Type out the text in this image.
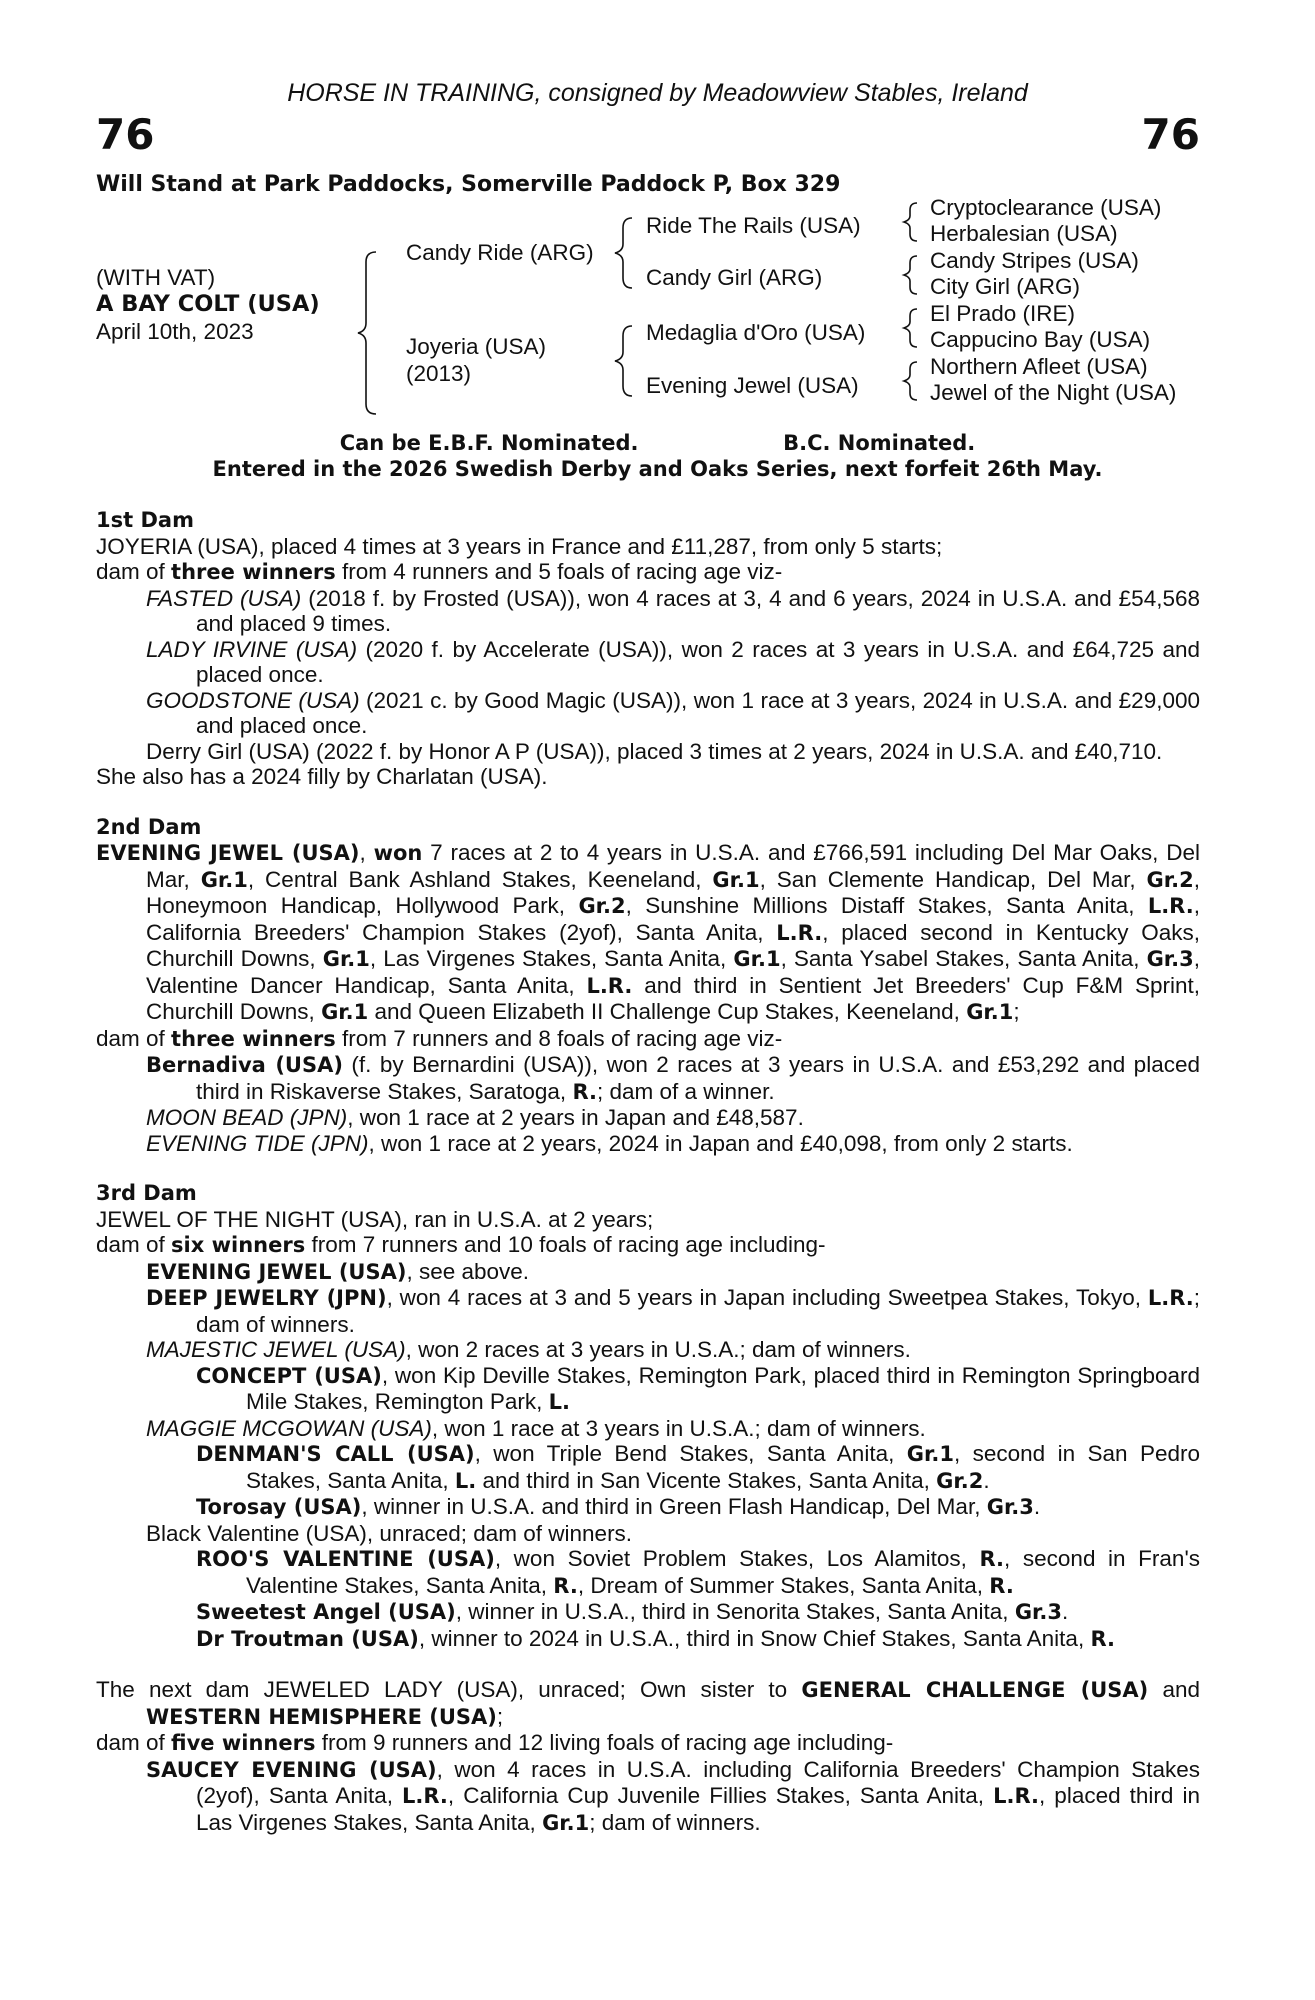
HORSE IN TRAINING, consigned by Meadowview Stables, Ireland
76	76
Will Stand at Park Paddocks, Somerville Paddock P, Box 329
(WITH VAT)
A BAY COLT (USA)
April 10th, 2023
Candy Ride (ARG)
Joyeria (USA)
(2013)
Ride The Rails (USA)
Candy Girl (ARG)
Medaglia d'Oro (USA)
Evening Jewel (USA)
Cryptoclearance (USA)
Herbalesian (USA)
Candy Stripes (USA)
City Girl (ARG)
El Prado (IRE)
Cappucino Bay (USA)
Northern Afleet (USA)
Jewel of the Night (USA)
Can be E.B.F. Nominated.	B.C. Nominated.
Entered in the 2026 Swedish Derby and Oaks Series, next forfeit 26th May.
1st Dam
JOYERIA (USA), placed 4 times at 3 years in France and £11,287, from only 5 starts;
dam of three winners from 4 runners and 5 foals of racing age viz-
FASTED (USA) (2018 f. by Frosted (USA)), won 4 races at 3, 4 and 6 years, 2024 in U.S.A. and £54,568 and placed 9 times.
LADY IRVINE (USA) (2020 f. by Accelerate (USA)), won 2 races at 3 years in U.S.A. and £64,725 and placed once.
GOODSTONE (USA) (2021 c. by Good Magic (USA)), won 1 race at 3 years, 2024 in U.S.A. and £29,000 and placed once.
Derry Girl (USA) (2022 f. by Honor A P (USA)), placed 3 times at 2 years, 2024 in U.S.A. and £40,710.
She also has a 2024 filly by Charlatan (USA).
2nd Dam
EVENING JEWEL (USA), won 7 races at 2 to 4 years in U.S.A. and £766,591 including Del Mar Oaks, Del Mar, Gr.1, Central Bank Ashland Stakes, Keeneland, Gr.1, San Clemente Handicap, Del Mar, Gr.2, Honeymoon Handicap, Hollywood Park, Gr.2, Sunshine Millions Distaff Stakes, Santa Anita, L.R., California Breeders' Champion Stakes (2yof), Santa Anita, L.R., placed second in Kentucky Oaks, Churchill Downs, Gr.1, Las Virgenes Stakes, Santa Anita, Gr.1, Santa Ysabel Stakes, Santa Anita, Gr.3, Valentine Dancer Handicap, Santa Anita, L.R. and third in Sentient Jet Breeders' Cup F&M Sprint, Churchill Downs, Gr.1 and Queen Elizabeth II Challenge Cup Stakes, Keeneland, Gr.1;
dam of three winners from 7 runners and 8 foals of racing age viz-
Bernadiva (USA) (f. by Bernardini (USA)), won 2 races at 3 years in U.S.A. and £53,292 and placed third in Riskaverse Stakes, Saratoga, R.; dam of a winner.
MOON BEAD (JPN), won 1 race at 2 years in Japan and £48,587.
EVENING TIDE (JPN), won 1 race at 2 years, 2024 in Japan and £40,098, from only 2 starts.
3rd Dam
JEWEL OF THE NIGHT (USA), ran in U.S.A. at 2 years;
dam of six winners from 7 runners and 10 foals of racing age including-
EVENING JEWEL (USA), see above.
DEEP JEWELRY (JPN), won 4 races at 3 and 5 years in Japan including Sweetpea Stakes, Tokyo, L.R.; dam of winners.
MAJESTIC JEWEL (USA), won 2 races at 3 years in U.S.A.; dam of winners.
CONCEPT (USA), won Kip Deville Stakes, Remington Park, placed third in Remington Springboard Mile Stakes, Remington Park, L.
MAGGIE MCGOWAN (USA), won 1 race at 3 years in U.S.A.; dam of winners.
DENMAN'S CALL (USA), won Triple Bend Stakes, Santa Anita, Gr.1, second in San Pedro Stakes, Santa Anita, L. and third in San Vicente Stakes, Santa Anita, Gr.2.
Torosay (USA), winner in U.S.A. and third in Green Flash Handicap, Del Mar, Gr.3.
Black Valentine (USA), unraced; dam of winners.
ROO'S VALENTINE (USA), won Soviet Problem Stakes, Los Alamitos, R., second in Fran's Valentine Stakes, Santa Anita, R., Dream of Summer Stakes, Santa Anita, R.
Sweetest Angel (USA), winner in U.S.A., third in Senorita Stakes, Santa Anita, Gr.3.
Dr Troutman (USA), winner to 2024 in U.S.A., third in Snow Chief Stakes, Santa Anita, R.
The next dam JEWELED LADY (USA), unraced; Own sister to GENERAL CHALLENGE (USA) and WESTERN HEMISPHERE (USA);
dam of five winners from 9 runners and 12 living foals of racing age including-
SAUCEY EVENING (USA), won 4 races in U.S.A. including California Breeders' Champion Stakes (2yof), Santa Anita, L.R., California Cup Juvenile Fillies Stakes, Santa Anita, L.R., placed third in Las Virgenes Stakes, Santa Anita, Gr.1; dam of winners.
